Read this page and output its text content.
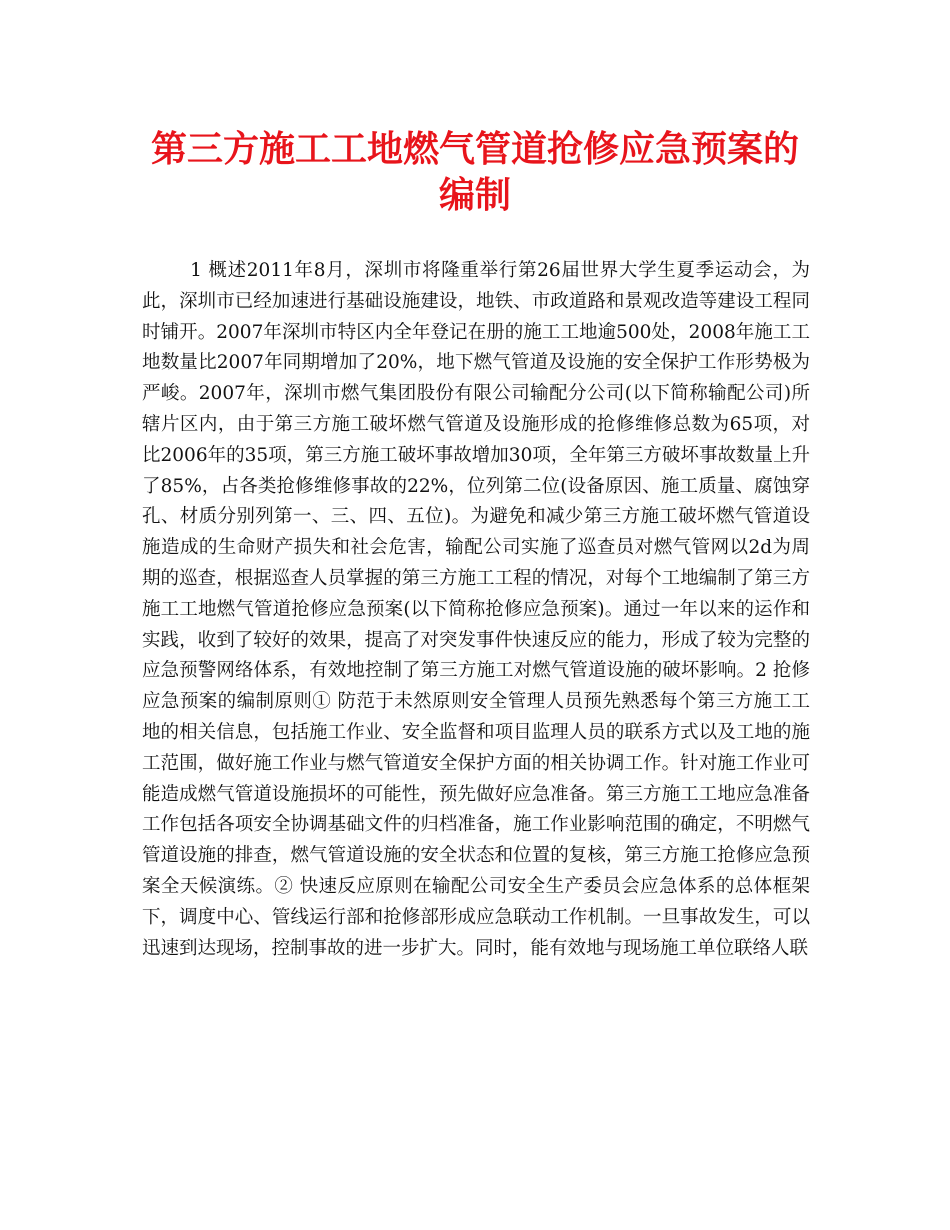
第三方施工工地燃气管道抢修应急预案的编制

1 概述2011年8月，深圳市将隆重举行第26届世界大学生夏季运动会，为此，深圳市已经加速进行基础设施建设，地铁、市政道路和景观改造等建设工程同时铺开。2007年深圳市特区内全年登记在册的施工工地逾500处，2008年施工工地数量比2007年同期增加了20%，地下燃气管道及设施的安全保护工作形势极为严峻。2007年，深圳市燃气集团股份有限公司输配分公司(以下简称输配公司)所辖片区内，由于第三方施工破坏燃气管道及设施形成的抢修维修总数为65项，对比2006年的35项，第三方施工破坏事故增加30项，全年第三方破坏事故数量上升了85%，占各类抢修维修事故的22%，位列第二位(设备原因、施工质量、腐蚀穿孔、材质分别列第一、三、四、五位)。为避免和减少第三方施工破坏燃气管道设施造成的生命财产损失和社会危害，输配公司实施了巡查员对燃气管网以2d为周期的巡查，根据巡查人员掌握的第三方施工工程的情况，对每个工地编制了第三方施工工地燃气管道抢修应急预案(以下简称抢修应急预案)。通过一年以来的运作和实践，收到了较好的效果，提高了对突发事件快速反应的能力，形成了较为完整的应急预警网络体系，有效地控制了第三方施工对燃气管道设施的破坏影响。2 抢修应急预案的编制原则① 防范于未然原则安全管理人员预先熟悉每个第三方施工工地的相关信息，包括施工作业、安全监督和项目监理人员的联系方式以及工地的施工范围，做好施工作业与燃气管道安全保护方面的相关协调工作。针对施工作业可能造成燃气管道设施损坏的可能性，预先做好应急准备。第三方施工工地应急准备工作包括各项安全协调基础文件的归档准备，施工作业影响范围的确定，不明燃气管道设施的排查，燃气管道设施的安全状态和位置的复核，第三方施工抢修应急预案全天候演练。② 快速反应原则在输配公司安全生产委员会应急体系的总体框架下，调度中心、管线运行部和抢修部形成应急联动工作机制。一旦事故发生，可以迅速到达现场，控制事故的进一步扩大。同时，能有效地与现场施工单位联络人联
